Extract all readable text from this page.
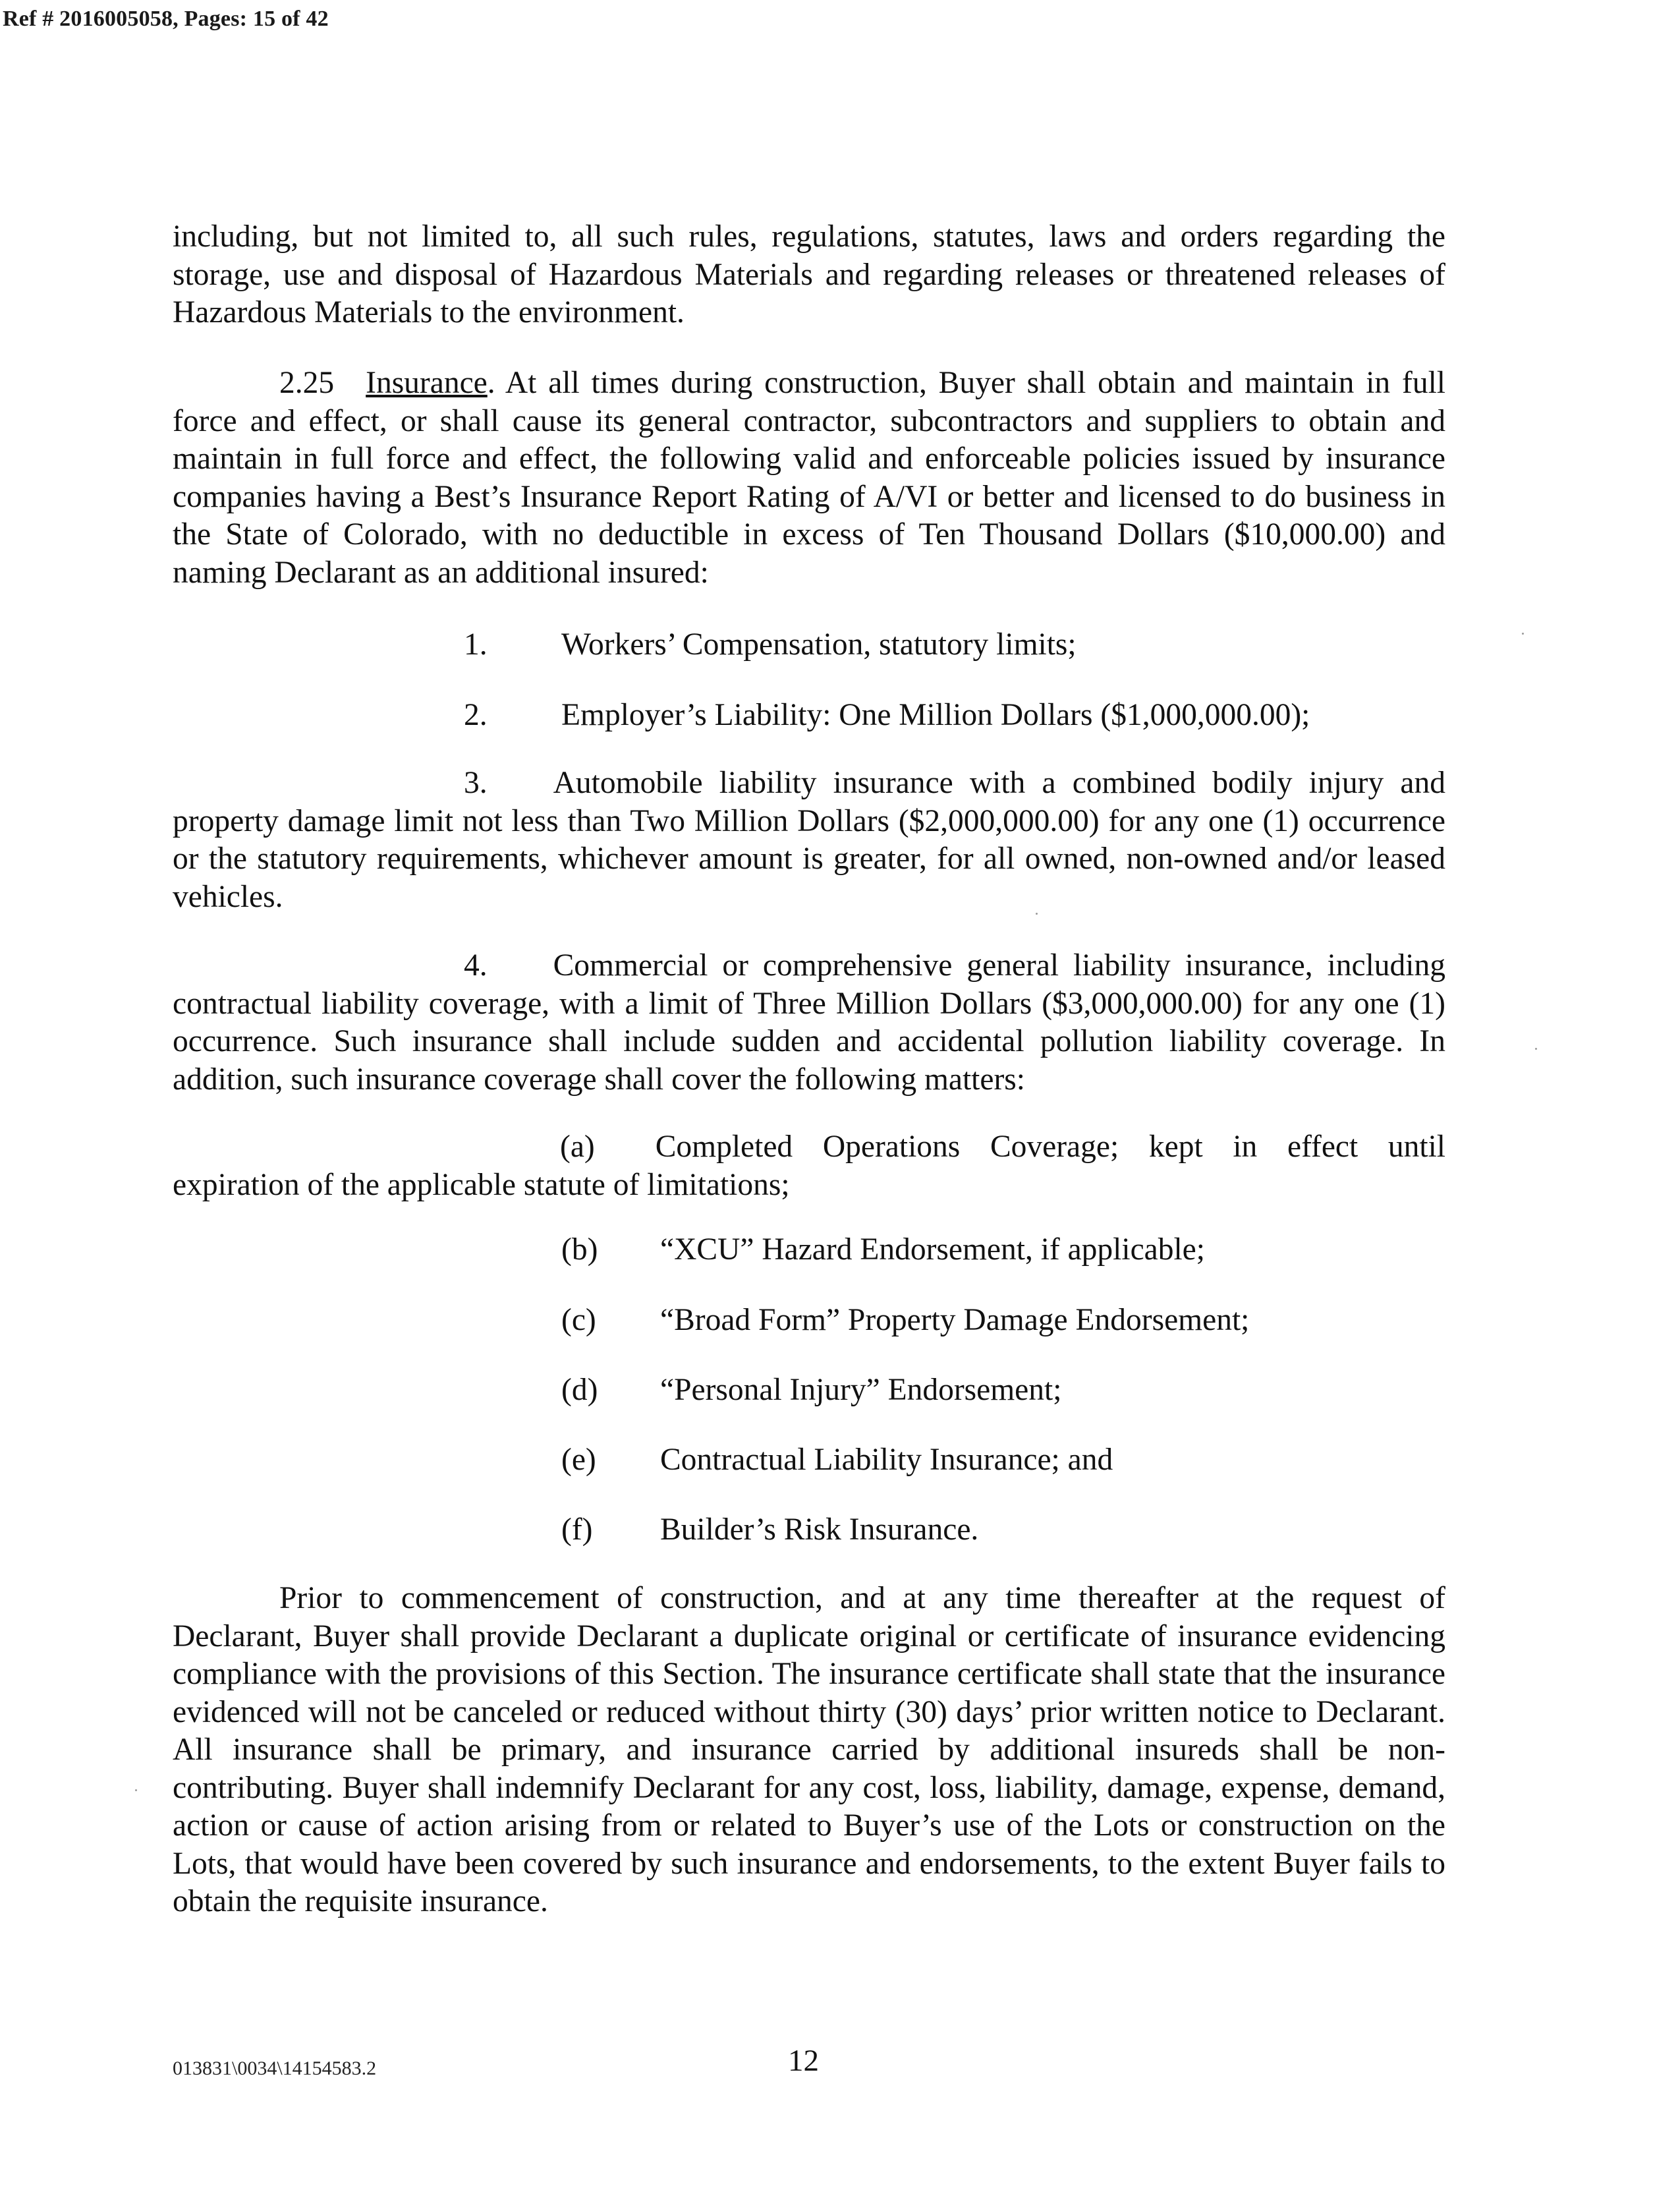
Ref # 2016005058, Pages: 15 of 42

including, but not limited to, all such rules, regulations, statutes, laws and orders regarding the storage, use and disposal of Hazardous Materials and regarding releases or threatened releases of Hazardous Materials to the environment.

2.25 Insurance. At all times during construction, Buyer shall obtain and maintain in full force and effect, or shall cause its general contractor, subcontractors and suppliers to obtain and maintain in full force and effect, the following valid and enforceable policies issued by insurance companies having a Best’s Insurance Report Rating of A/VI or better and licensed to do business in the State of Colorado, with no deductible in excess of Ten Thousand Dollars ($10,000.00) and naming Declarant as an additional insured:

1. Workers’ Compensation, statutory limits;
2. Employer’s Liability: One Million Dollars ($1,000,000.00);

3. Automobile liability insurance with a combined bodily injury and property damage limit not less than Two Million Dollars ($2,000,000.00) for any one (1) occurrence or the statutory requirements, whichever amount is greater, for all owned, non-owned and/or leased vehicles.

4. Commercial or comprehensive general liability insurance, including contractual liability coverage, with a limit of Three Million Dollars ($3,000,000.00) for any one (1) occurrence. Such insurance shall include sudden and accidental pollution liability coverage. In addition, such insurance coverage shall cover the following matters:

(a) Completed Operations Coverage; kept in effect until expiration of the applicable statute of limitations;

(b) “XCU” Hazard Endorsement, if applicable;
(c) “Broad Form” Property Damage Endorsement;
(d) “Personal Injury” Endorsement;
(e) Contractual Liability Insurance; and
(f) Builder’s Risk Insurance.

Prior to commencement of construction, and at any time thereafter at the request of Declarant, Buyer shall provide Declarant a duplicate original or certificate of insurance evidencing compliance with the provisions of this Section. The insurance certificate shall state that the insurance evidenced will not be canceled or reduced without thirty (30) days’ prior written notice to Declarant. All insurance shall be primary, and insurance carried by additional insureds shall be non-contributing. Buyer shall indemnify Declarant for any cost, loss, liability, damage, expense, demand, action or cause of action arising from or related to Buyer’s use of the Lots or construction on the Lots, that would have been covered by such insurance and endorsements, to the extent Buyer fails to obtain the requisite insurance.

013831\0034\14154583.2	12
